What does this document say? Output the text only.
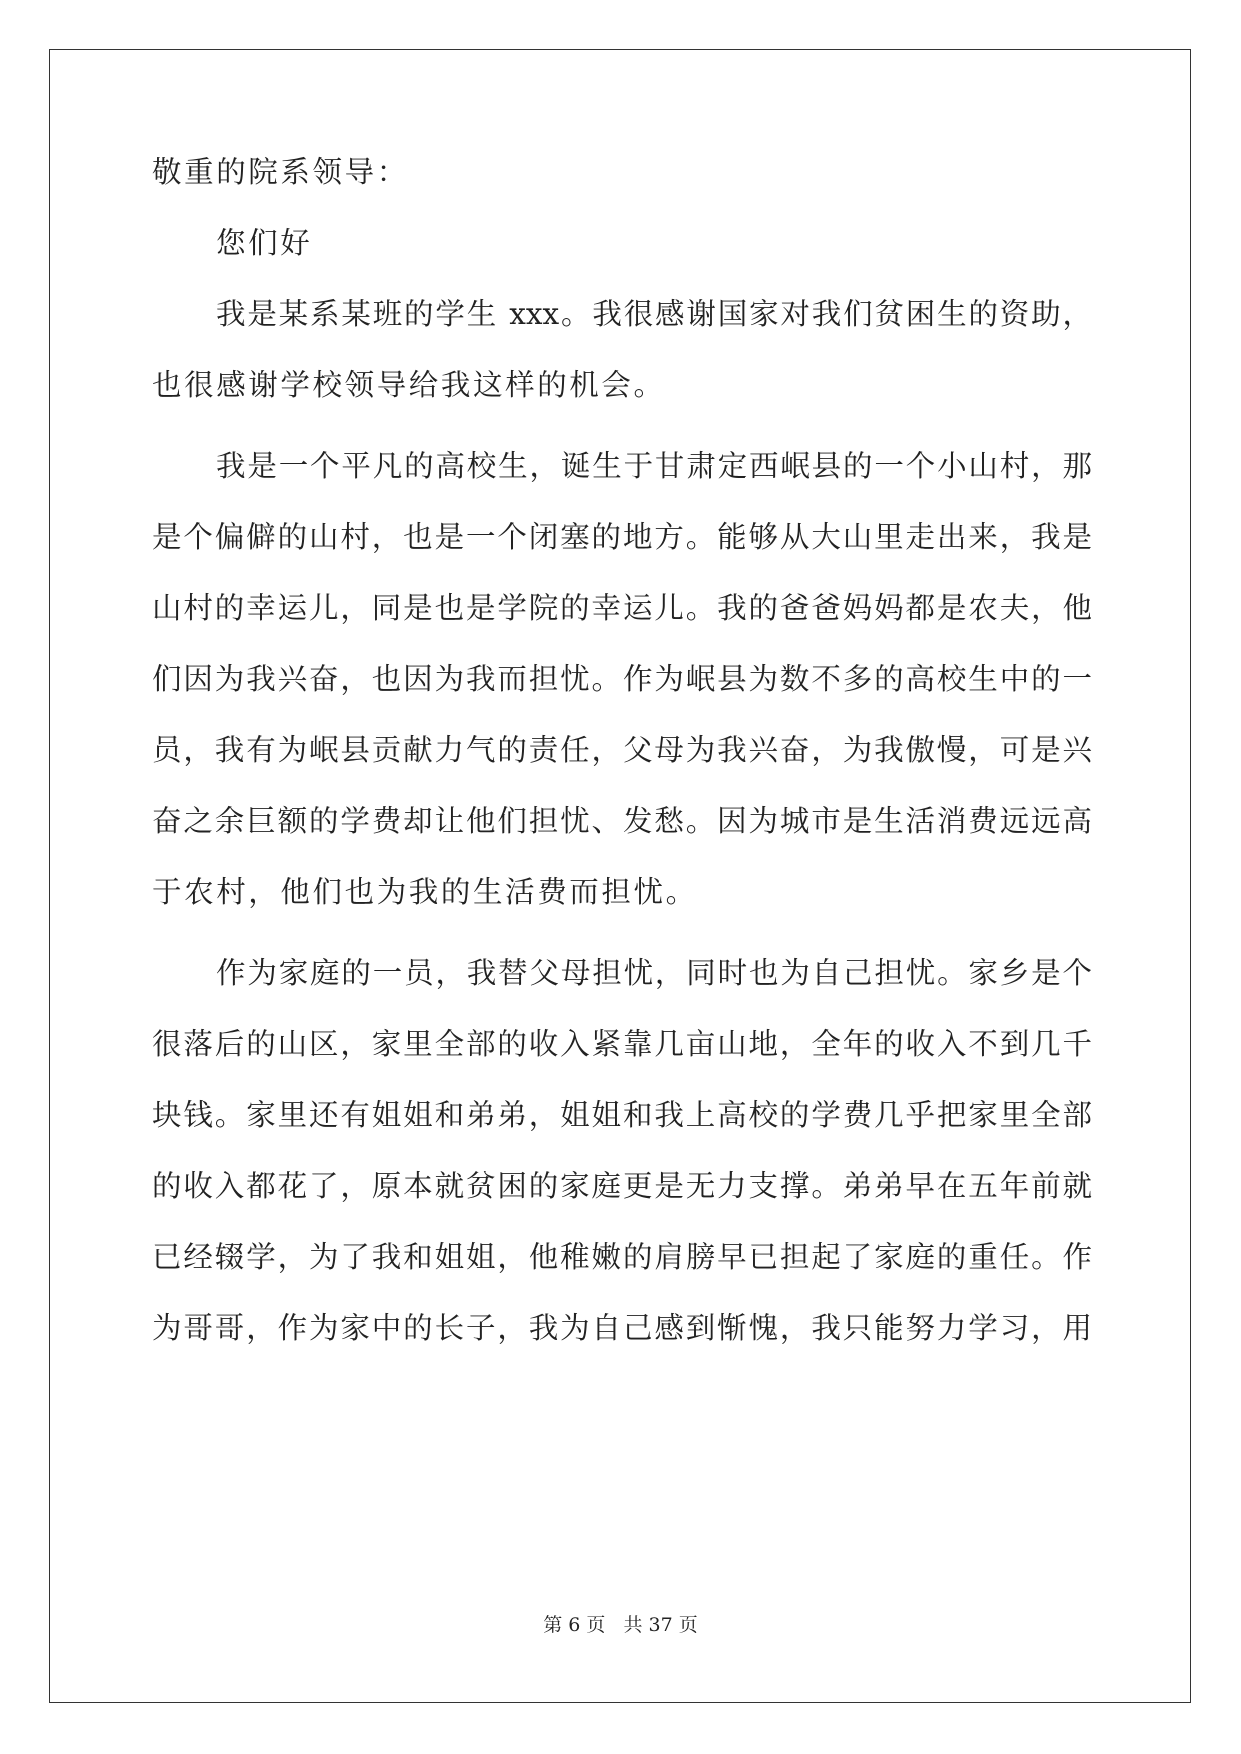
敬重的院系领导：
您们好
我是某系某班的学生 xxx。我很感谢国家对我们贫困生的资助，
也很感谢学校领导给我这样的机会。
我是一个平凡的高校生，诞生于甘肃定西岷县的一个小山村，那
是个偏僻的山村，也是一个闭塞的地方。能够从大山里走出来，我是
山村的幸运儿，同是也是学院的幸运儿。我的爸爸妈妈都是农夫，他
们因为我兴奋，也因为我而担忧。作为岷县为数不多的高校生中的一
员，我有为岷县贡献力气的责任，父母为我兴奋，为我傲慢，可是兴
奋之余巨额的学费却让他们担忧、发愁。因为城市是生活消费远远高
于农村，他们也为我的生活费而担忧。
作为家庭的一员，我替父母担忧，同时也为自己担忧。家乡是个
很落后的山区，家里全部的收入紧靠几亩山地，全年的收入不到几千
块钱。家里还有姐姐和弟弟，姐姐和我上高校的学费几乎把家里全部
的收入都花了，原本就贫困的家庭更是无力支撑。弟弟早在五年前就
已经辍学，为了我和姐姐，他稚嫩的肩膀早已担起了家庭的重任。作
为哥哥，作为家中的长子，我为自己感到惭愧，我只能努力学习，用
第 6 页   共 37 页
